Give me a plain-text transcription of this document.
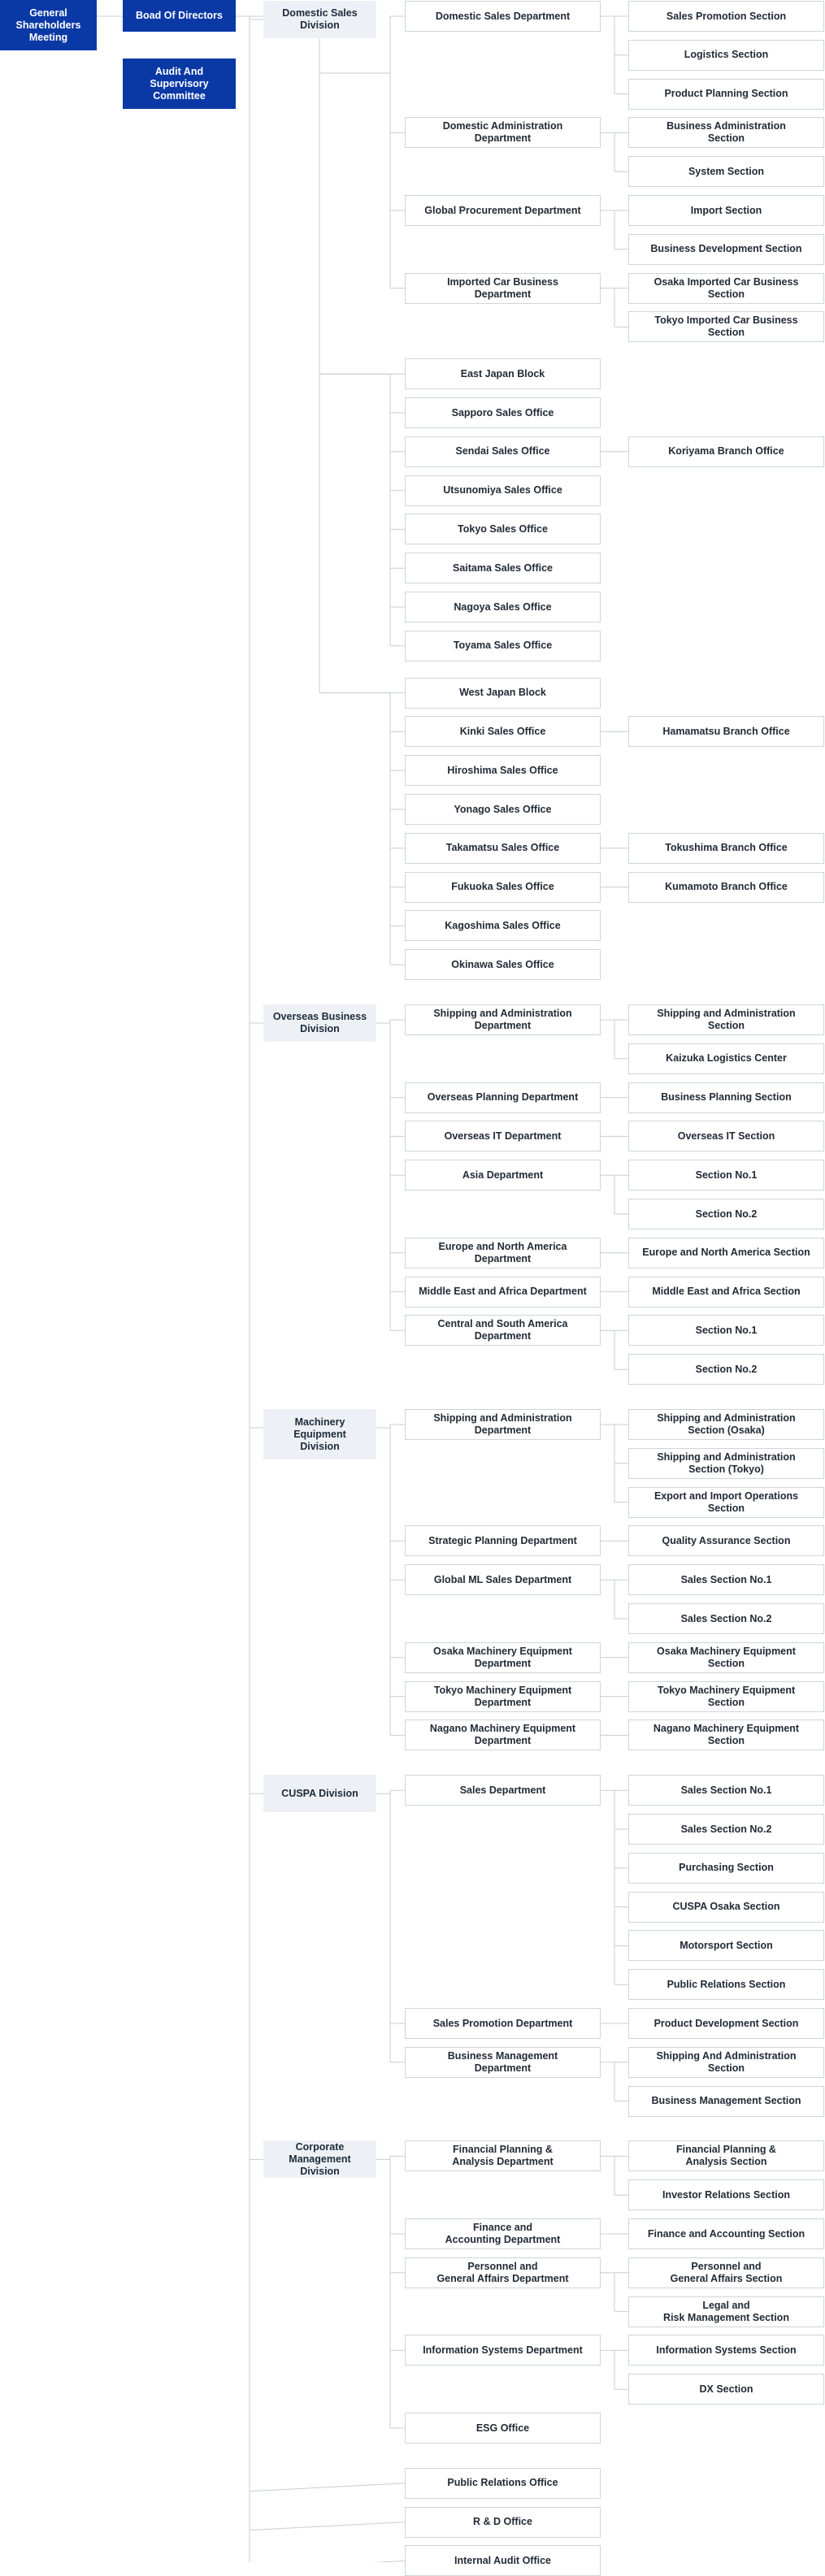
General
Shareholders
Meeting
Boad Of Directors
Audit And
Supervisory
Committee
Domestic Sales
Division
Domestic Sales Department	Sales Promotion Section
Logistics Section
Product Planning Section
Domestic Administration
Department
Business Administration
Section
System Section
Global Procurement Department	Import Section
Business Development Section
Imported Car Business
Department
Osaka Imported Car Business
Section
Tokyo Imported Car Business
Section
East Japan Block
Sapporo Sales Office
Sendai Sales Office	Koriyama Branch Office
Utsunomiya Sales Office
Tokyo Sales Office
Saitama Sales Office
Nagoya Sales Office
Toyama Sales Office
West Japan Block
Kinki Sales Office	Hamamatsu Branch Office
Hiroshima Sales Office
Yonago Sales Office
Takamatsu Sales Office	Tokushima Branch Office
Fukuoka Sales Office	Kumamoto Branch Office
Kagoshima Sales Office
Okinawa Sales Office
Overseas Business
Division
Shipping and Administration
Department
Shipping and Administration
Section
Kaizuka Logistics Center
Overseas Planning Department	Business Planning Section
Overseas IT Department	Overseas IT Section
Asia Department	Section No.1
Section No.2
Europe and North America
Department
Europe and North America Section
Middle East and Africa Department	Middle East and Africa Section
Central and South America
Department
Section No.1
Section No.2
Machinery
Equipment
Division
Shipping and Administration
Department
Shipping and Administration
Section (Osaka)
Shipping and Administration
Section (Tokyo)
Export and Import Operations
Section
Strategic Planning Department	Quality Assurance Section
Global ML Sales Department	Sales Section No.1
Sales Section No.2
Osaka Machinery Equipment
Department
Osaka Machinery Equipment
Section
Tokyo Machinery Equipment
Department
Tokyo Machinery Equipment
Section
Nagano Machinery Equipment
Department
Nagano Machinery Equipment
Section
CUSPA Division	Sales Department	Sales Section No.1
Sales Section No.2
Purchasing Section
CUSPA Osaka Section
Motorsport Section
Public Relations Section
Sales Promotion Department	Product Development Section
Business Management
Department
Shipping And Administration
Section
Business Management Section
Corporate
Management Division
Financial Planning &
Analysis Department
Financial Planning &
Analysis Section
Investor Relations Section
Finance and
Accounting Department
Finance and Accounting Section
Personnel and
General Affairs Department
Personnel and
General Affairs Section
Legal and
Risk Management Section
Information Systems Department	Information Systems Section
DX Section
ESG Office
Public Relations Office
R & D Office
Internal Audit Office
